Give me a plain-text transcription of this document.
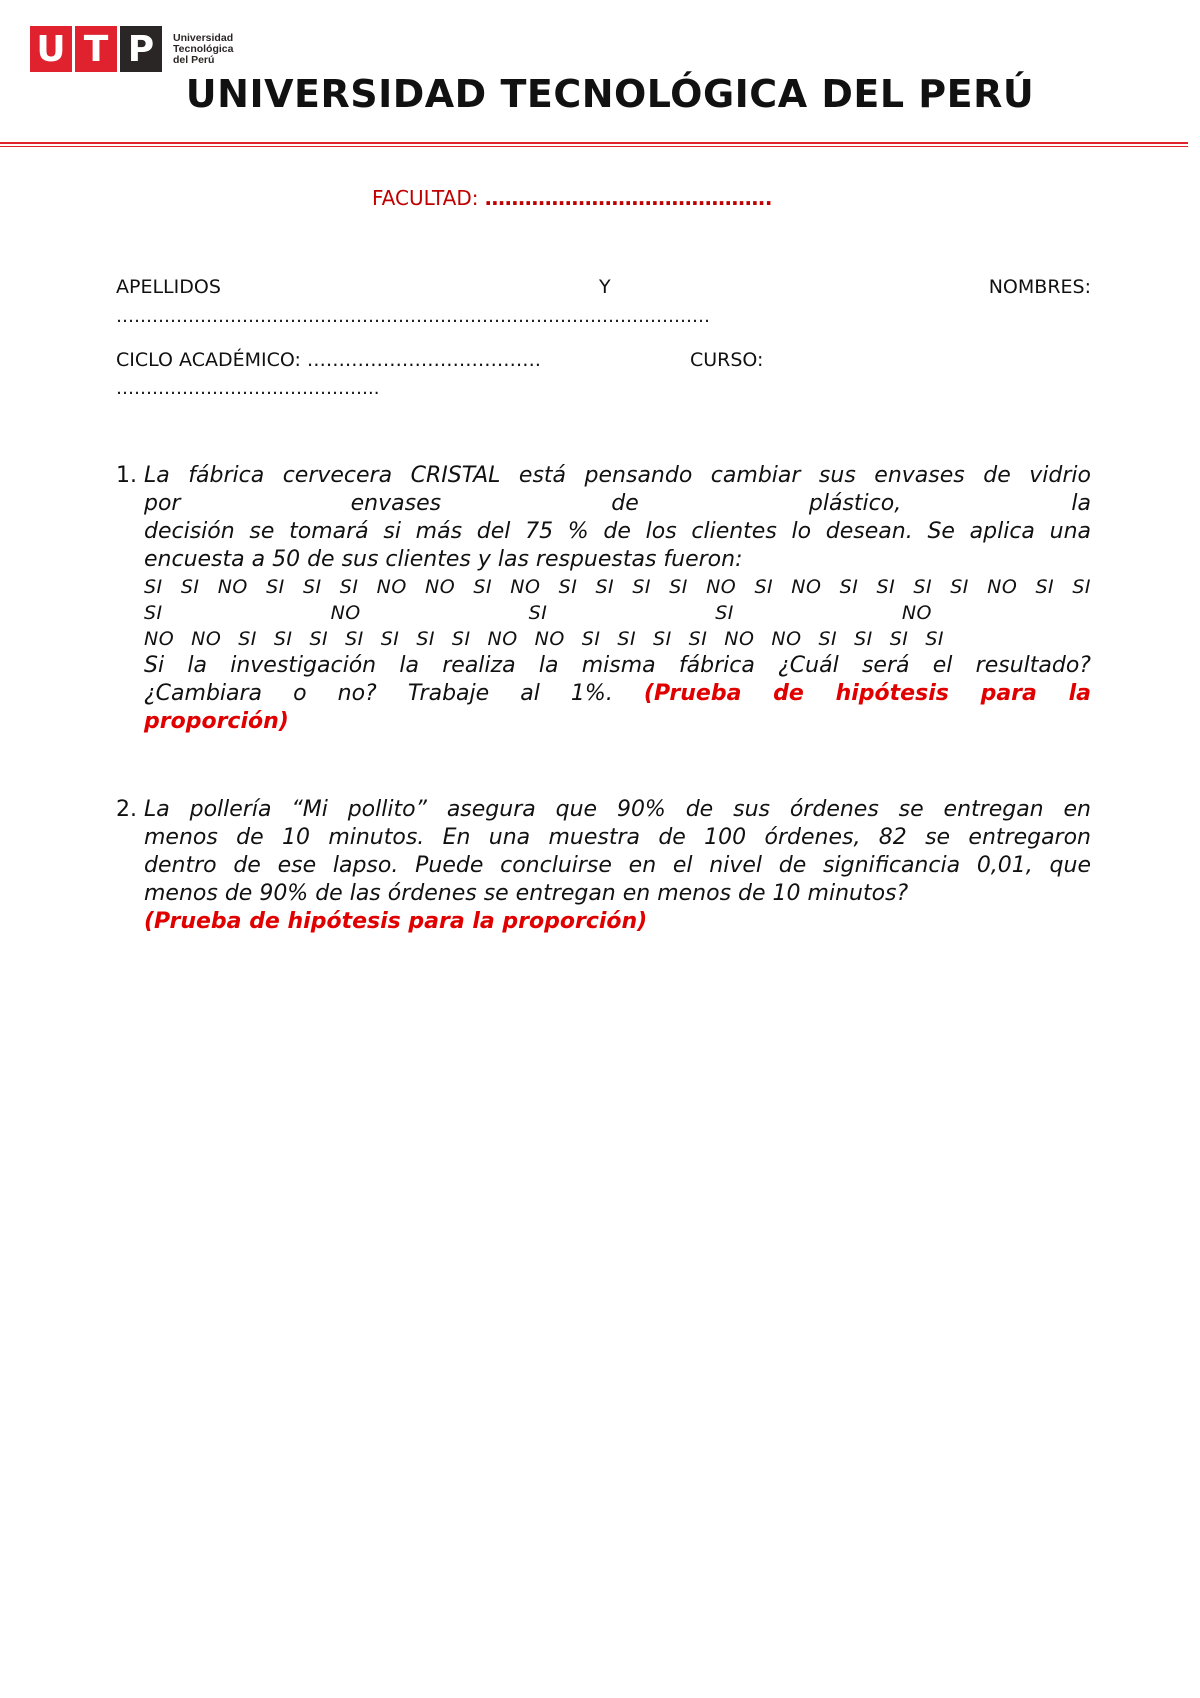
U T P	Universidad
Tecnológica
del Perú
UNIVERSIDAD TECNOLÓGICA DEL PERÚ
FACULTAD: …………………………………….
APELLIDOS	Y	NOMBRES:
………………………………………………………………………………………
CICLO ACADÉMICO: ……………………………….	CURSO:
……………………………………..
1. La fábrica cervecera CRISTAL está pensando cambiar sus envases de vidrio
por envases de plástico, la
decisión se tomará si más del 75 % de los clientes lo desean. Se aplica una
encuesta a 50 de sus clientes y las respuestas fueron:
SI SI NO SI SI SI NO NO SI NO SI SI SI SI NO SI NO SI SI SI SI NO SI SI
SI NO SI SI NO
NO NO SI SI SI SI SI SI SI NO NO SI SI SI SI NO NO SI SI SI SI
Si la investigación la realiza la misma fábrica ¿Cuál será el resultado?
¿Cambiara o no? Trabaje al 1%. (Prueba de hipótesis para la
proporción)
2. La pollería “Mi pollito” asegura que 90% de sus órdenes se entregan en
menos de 10 minutos. En una muestra de 100 órdenes, 82 se entregaron
dentro de ese lapso. Puede concluirse en el nivel de significancia 0,01, que
menos de 90% de las órdenes se entregan en menos de 10 minutos?
(Prueba de hipótesis para la proporción)
